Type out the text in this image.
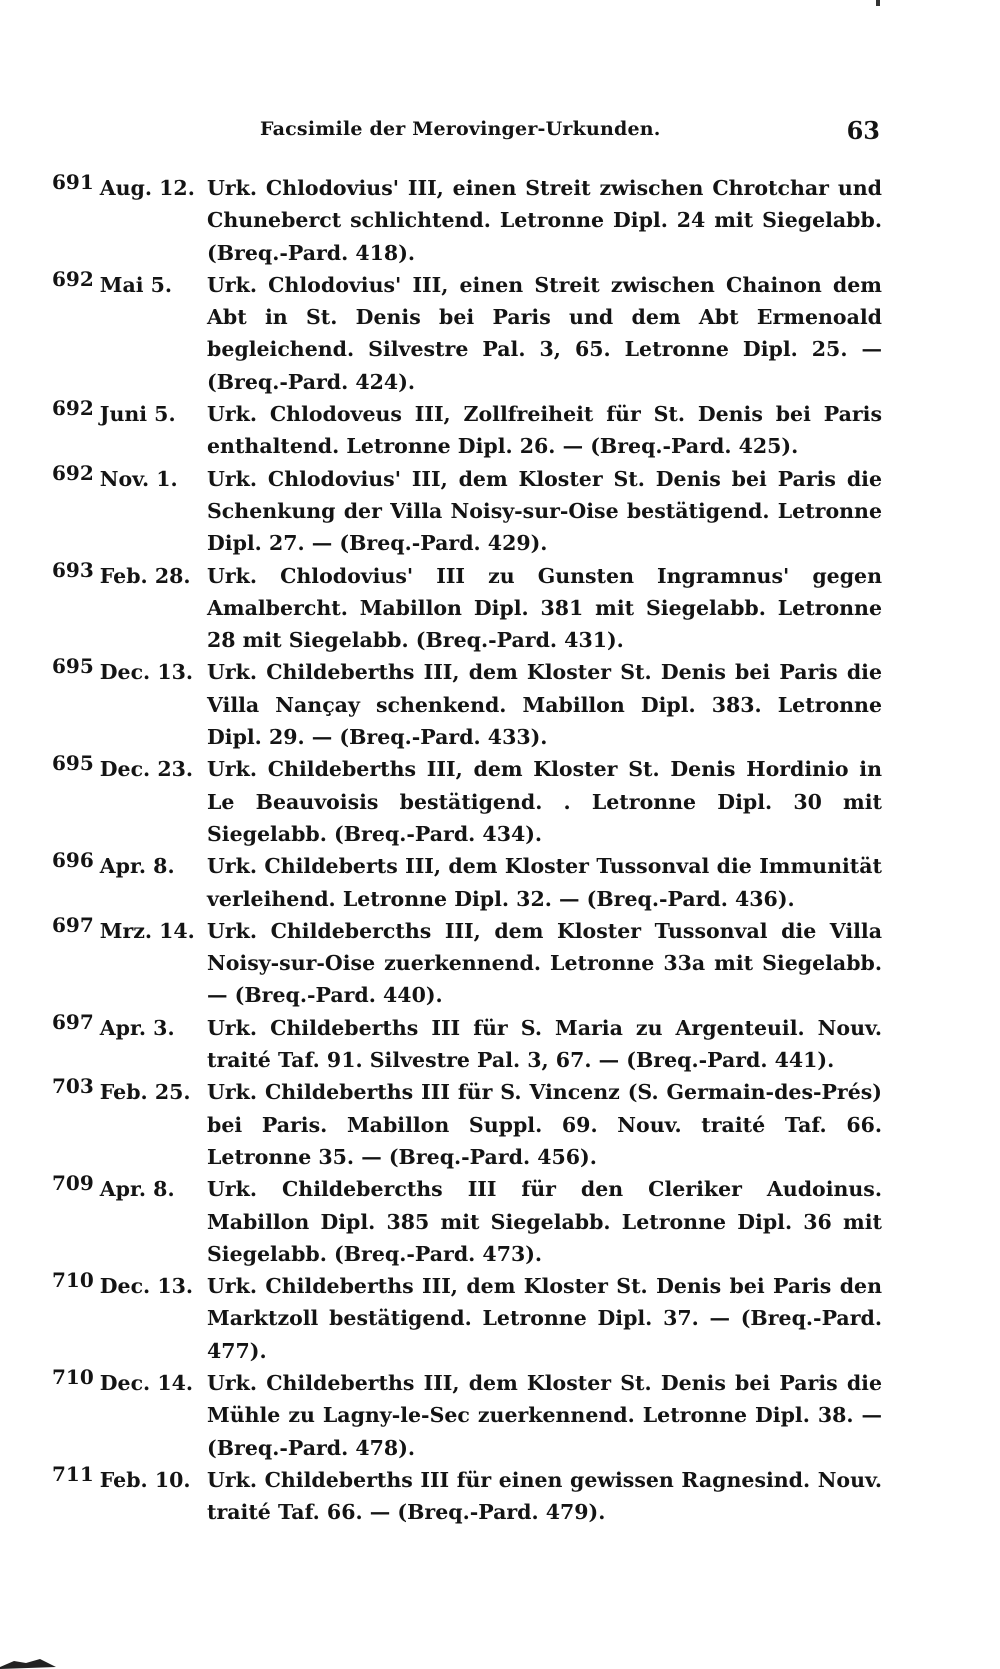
Facsimile der Merovinger-Urkunden.	63
691 Aug. 12. Urk. Chlodovius' III, einen Streit zwischen Chrotchar und Chuneberct schlichtend. Letronne Dipl. 24 mit Siegelabb. (Breq.-Pard. 418).
692 Mai 5.	Urk. Chlodovius' III, einen Streit zwischen Chainon dem Abt in St. Denis bei Paris und dem Abt Ermenoald begleichend. Silvestre Pal. 3, 65. Letronne Dipl. 25. — (Breq.-Pard. 424).
692 Juni 5.	Urk. Chlodoveus III, Zollfreiheit für St. Denis bei Paris enthaltend. Letronne Dipl. 26. — (Breq.-Pard. 425).
692 Nov. 1.	Urk. Chlodovius' III, dem Kloster St. Denis bei Paris die Schenkung der Villa Noisy-sur-Oise bestätigend. Letronne Dipl. 27. — (Breq.-Pard. 429).
693 Feb. 28. Urk. Chlodovius' III zu Gunsten Ingramnus' gegen Amalbercht. Mabillon Dipl. 381 mit Siegelabb. Letronne 28 mit Siegelabb. (Breq.-Pard. 431).
695 Dec. 13. Urk. Childeberths III, dem Kloster St. Denis bei Paris die Villa Nançay schenkend. Mabillon Dipl. 383. Letronne Dipl. 29. — (Breq.-Pard. 433).
695 Dec. 23. Urk. Childeberths III, dem Kloster St. Denis Hordinio in Le Beauvoisis bestätigend. . Letronne Dipl. 30 mit Siegelabb. (Breq.-Pard. 434).
696 Apr. 8.	Urk. Childeberts III, dem Kloster Tussonval die Immunität verleihend. Letronne Dipl. 32. — (Breq.-Pard. 436).
697 Mrz. 14. Urk. Childebercths III, dem Kloster Tussonval die Villa Noisy-sur-Oise zuerkennend. Letronne 33a mit Siegelabb. — (Breq.-Pard. 440).
697 Apr. 3.	Urk. Childeberths III für S. Maria zu Argenteuil. Nouv. traité Taf. 91. Silvestre Pal. 3, 67. — (Breq.-Pard. 441).
703 Feb. 25. Urk. Childeberths III für S. Vincenz (S. Germain-des-Prés) bei Paris. Mabillon Suppl. 69. Nouv. traité Taf. 66. Letronne 35. — (Breq.-Pard. 456).
709 Apr. 8.	Urk. Childebercths III für den Cleriker Audoinus. Mabillon Dipl. 385 mit Siegelabb. Letronne Dipl. 36 mit Siegelabb. (Breq.-Pard. 473).
710 Dec. 13. Urk. Childeberths III, dem Kloster St. Denis bei Paris den Marktzoll bestätigend. Letronne Dipl. 37. — (Breq.-Pard. 477).
710 Dec. 14. Urk. Childeberths III, dem Kloster St. Denis bei Paris die Mühle zu Lagny-le-Sec zuerkennend. Letronne Dipl. 38. — (Breq.-Pard. 478).
711 Feb. 10. Urk. Childeberths III für einen gewissen Ragnesind. Nouv. traité Taf. 66. — (Breq.-Pard. 479).
